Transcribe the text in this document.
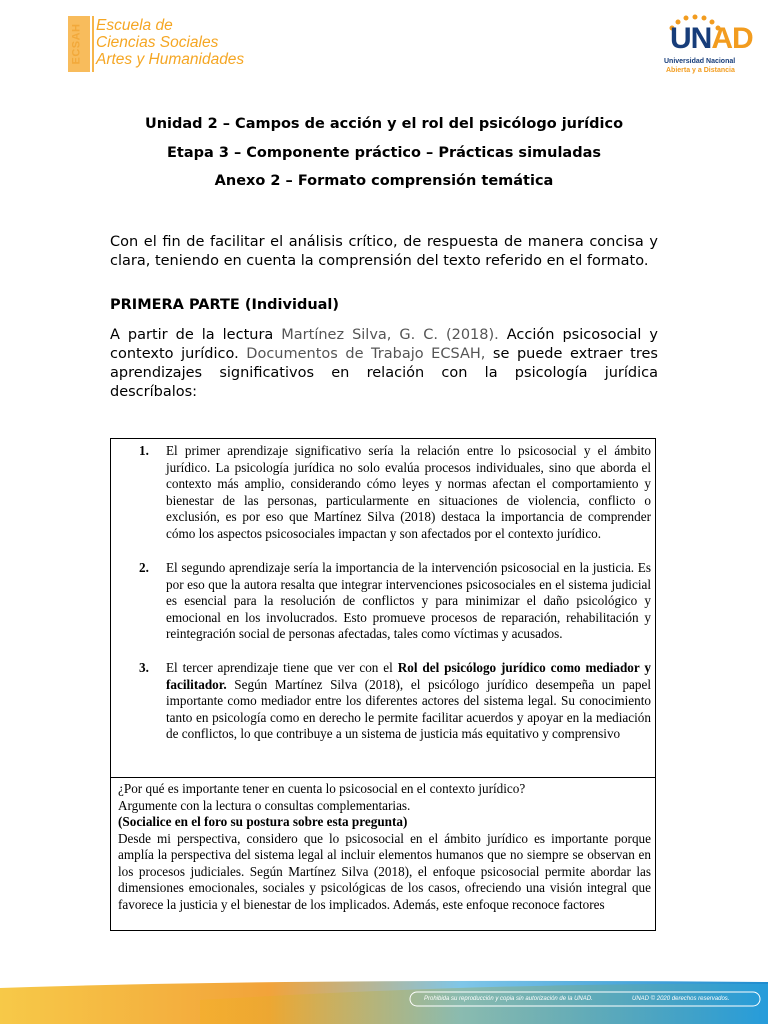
ECSAH Escuela de
Ciencias Sociales
Artes y Humanidades
UNAD
Universidad Nacional
Abierta y a Distancia
Unidad 2 – Campos de acción y el rol del psicólogo jurídico
Etapa 3 – Componente práctico – Prácticas simuladas
Anexo 2 – Formato comprensión temática
Con el fin de facilitar el análisis crítico, de respuesta de manera concisa y clara, teniendo en cuenta la comprensión del texto referido en el formato.
PRIMERA PARTE (Individual)
A partir de la lectura Martínez Silva, G. C. (2018). Acción psicosocial y contexto jurídico. Documentos de Trabajo ECSAH, se puede extraer tres aprendizajes significativos en relación con la psicología jurídica descríbalos:
1. El primer aprendizaje significativo sería la relación entre lo psicosocial y el ámbito jurídico. La psicología jurídica no solo evalúa procesos individuales, sino que aborda el contexto más amplio, considerando cómo leyes y normas afectan el comportamiento y bienestar de las personas, particularmente en situaciones de violencia, conflicto o exclusión, es por eso que Martínez Silva (2018) destaca la importancia de comprender cómo los aspectos psicosociales impactan y son afectados por el contexto jurídico.
2. El segundo aprendizaje sería la importancia de la intervención psicosocial en la justicia. Es por eso que la autora resalta que integrar intervenciones psicosociales en el sistema judicial es esencial para la resolución de conflictos y para minimizar el daño psicológico y emocional en los involucrados. Esto promueve procesos de reparación, rehabilitación y reintegración social de personas afectadas, tales como víctimas y acusados.
3. El tercer aprendizaje tiene que ver con el Rol del psicólogo jurídico como mediador y facilitador. Según Martínez Silva (2018), el psicólogo jurídico desempeña un papel importante como mediador entre los diferentes actores del sistema legal. Su conocimiento tanto en psicología como en derecho le permite facilitar acuerdos y apoyar en la mediación de conflictos, lo que contribuye a un sistema de justicia más equitativo y comprensivo

¿Por qué es importante tener en cuenta lo psicosocial en el contexto jurídico?

Argumente con la lectura o consultas complementarias.

(Socialice en el foro su postura sobre esta pregunta)

Desde mi perspectiva, considero que lo psicosocial en el ámbito jurídico es importante porque amplía la perspectiva del sistema legal al incluir elementos humanos que no siempre se observan en los procesos judiciales. Según Martínez Silva (2018), el enfoque psicosocial permite abordar las dimensiones emocionales, sociales y psicológicas de los casos, ofreciendo una visión integral que favorece la justicia y el bienestar de los implicados. Además, este enfoque reconoce factores

Prohibida su reproducción y copia sin autorización de la UNAD.	UNAD © 2020 derechos reservados.
